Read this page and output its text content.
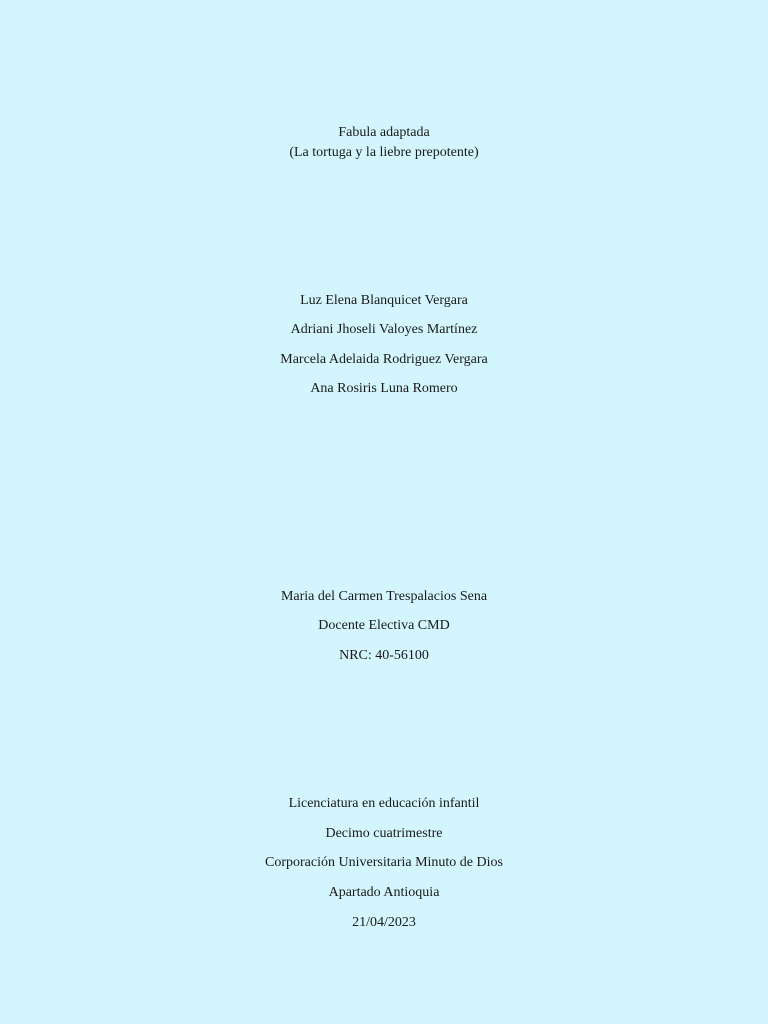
Fabula adaptada
(La tortuga y la liebre prepotente)
Luz Elena Blanquicet Vergara
Adriani Jhoseli Valoyes Martínez
Marcela Adelaida Rodriguez Vergara
Ana Rosiris Luna Romero
Maria del Carmen Trespalacios Sena
Docente Electiva CMD
NRC: 40-56100
Licenciatura en educación infantil
Decimo cuatrimestre
Corporación Universitaria Minuto de Dios
Apartado Antioquia
21/04/2023
